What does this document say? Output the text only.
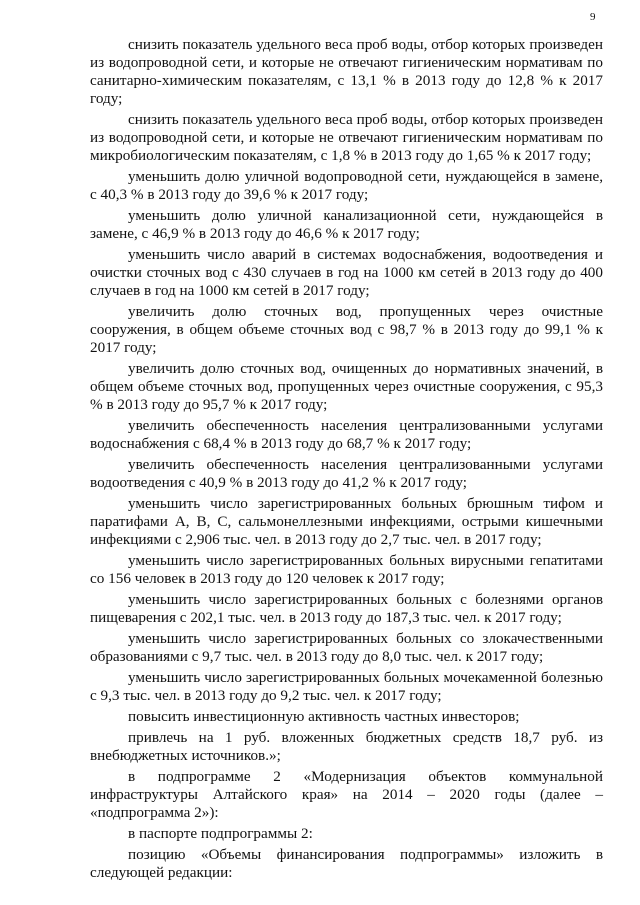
9

снизить показатель удельного веса проб воды, отбор которых произведен из водопроводной сети, и которые не отвечают гигиеническим нормативам по санитарно-химическим показателям, с 13,1 % в 2013 году до 12,8 % к 2017 году;

снизить показатель удельного веса проб воды, отбор которых произведен из водопроводной сети, и которые не отвечают гигиеническим нормативам по микробиологическим показателям, с 1,8 % в 2013 году до 1,65 % к 2017 году;

уменьшить долю уличной водопроводной сети, нуждающейся в замене, с 40,3 % в 2013 году до 39,6 % к 2017 году;

уменьшить долю уличной канализационной сети, нуждающейся в замене, с 46,9 % в 2013 году до 46,6 % к 2017 году;

уменьшить число аварий в системах водоснабжения, водоотведения и очистки сточных вод с 430 случаев в год на 1000 км сетей в 2013 году до 400 случаев в год на 1000 км сетей в 2017 году;

увеличить долю сточных вод, пропущенных через очистные сооружения, в общем объеме сточных вод с 98,7 % в 2013 году до 99,1 % к 2017 году;

увеличить долю сточных вод, очищенных до нормативных значений, в общем объеме сточных вод, пропущенных через очистные сооружения, с 95,3 % в 2013 году до 95,7 % к 2017 году;

увеличить обеспеченность населения централизованными услугами водоснабжения с 68,4 % в 2013 году до 68,7 % к 2017 году;

увеличить обеспеченность населения централизованными услугами водоотведения с 40,9 % в 2013 году до 41,2 % к 2017 году;

уменьшить число зарегистрированных больных брюшным тифом и паратифами А, В, С, сальмонеллезными инфекциями, острыми кишечными инфекциями с 2,906 тыс. чел. в 2013 году до 2,7 тыс. чел. в 2017 году;

уменьшить число зарегистрированных больных вирусными гепатитами со 156 человек в 2013 году до 120 человек к 2017 году;

уменьшить число зарегистрированных больных с болезнями органов пищеварения с 202,1 тыс. чел. в 2013 году до 187,3 тыс. чел. к 2017 году;

уменьшить число зарегистрированных больных со злокачественными образованиями с 9,7 тыс. чел. в 2013 году до 8,0 тыс. чел. к 2017 году;

уменьшить число зарегистрированных больных мочекаменной болезнью с 9,3 тыс. чел. в 2013 году до 9,2 тыс. чел. к 2017 году;

повысить инвестиционную активность частных инвесторов;

привлечь на 1 руб. вложенных бюджетных средств 18,7 руб. из внебюджетных источников.»;

в подпрограмме 2 «Модернизация объектов коммунальной инфраструктуры Алтайского края» на 2014 – 2020 годы (далее – «подпрограмма 2»):

в паспорте подпрограммы 2:

позицию «Объемы финансирования подпрограммы» изложить в следующей редакции:
